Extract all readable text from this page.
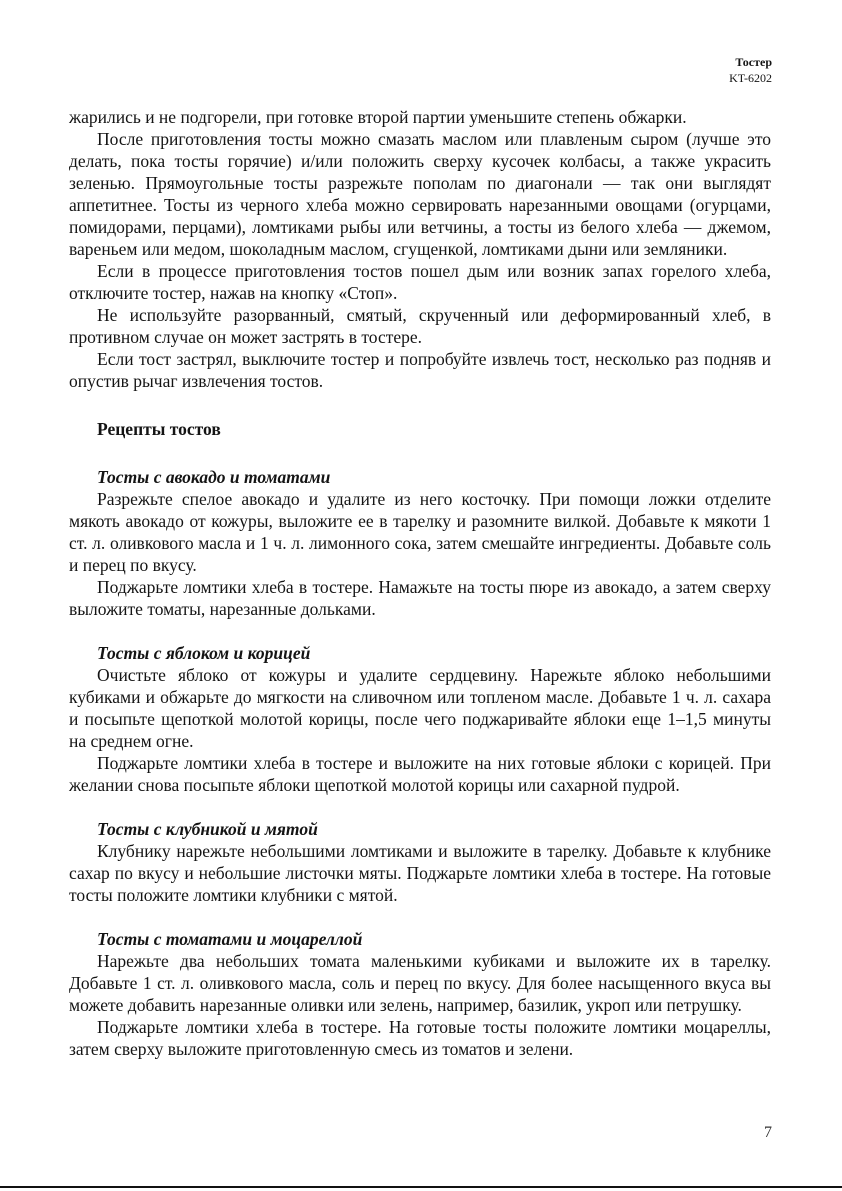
Тостер
KT-6202

жарились и не подгорели, при готовке второй партии уменьшите степень обжарки.

После приготовления тосты можно смазать маслом или плавленым сыром (лучше это делать, пока тосты горячие) и/или положить сверху кусочек колбасы, а также украсить зеленью. Прямоугольные тосты разрежьте пополам по диагонали — так они выглядят аппетитнее. Тосты из черного хлеба можно сервировать нарезанными овощами (огурцами, помидорами, перцами), ломтиками рыбы или ветчины, а тосты из белого хлеба — джемом, вареньем или медом, шоколадным маслом, сгущенкой, ломтиками дыни или земляники.

Если в процессе приготовления тостов пошел дым или возник запах горелого хлеба, отключите тостер, нажав на кнопку «Стоп».

Не используйте разорванный, смятый, скрученный или деформированный хлеб, в противном случае он может застрять в тостере.

Если тост застрял, выключите тостер и попробуйте извлечь тост, несколько раз подняв и опустив рычаг извлечения тостов.

Рецепты тостов
Тосты с авокадо и томатами

Разрежьте спелое авокадо и удалите из него косточку. При помощи ложки отделите мякоть авокадо от кожуры, выложите ее в тарелку и разомните вилкой. Добавьте к мякоти 1 ст. л. оливкового масла и 1 ч. л. лимонного сока, затем смешайте ингредиенты. Добавьте соль и перец по вкусу.

Поджарьте ломтики хлеба в тостере. Намажьте на тосты пюре из авокадо, а затем сверху выложите томаты, нарезанные дольками.

Тосты с яблоком и корицей

Очистьте яблоко от кожуры и удалите сердцевину. Нарежьте яблоко небольшими кубиками и обжарьте до мягкости на сливочном или топленом масле. Добавьте 1 ч. л. сахара и посыпьте щепоткой молотой корицы, после чего поджаривайте яблоки еще 1–1,5 минуты на среднем огне.

Поджарьте ломтики хлеба в тостере и выложите на них готовые яблоки с корицей. При желании снова посыпьте яблоки щепоткой молотой корицы или сахарной пудрой.

Тосты с клубникой и мятой

Клубнику нарежьте небольшими ломтиками и выложите в тарелку. Добавьте к клубнике сахар по вкусу и небольшие листочки мяты. Поджарьте ломтики хлеба в тостере. На готовые тосты положите ломтики клубники с мятой.

Тосты с томатами и моцареллой

Нарежьте два небольших томата маленькими кубиками и выложите их в тарелку. Добавьте 1 ст. л. оливкового масла, соль и перец по вкусу. Для более насыщенного вкуса вы можете добавить нарезанные оливки или зелень, например, базилик, укроп или петрушку.

Поджарьте ломтики хлеба в тостере. На готовые тосты положите ломтики моцареллы, затем сверху выложите приготовленную смесь из томатов и зелени.

7
